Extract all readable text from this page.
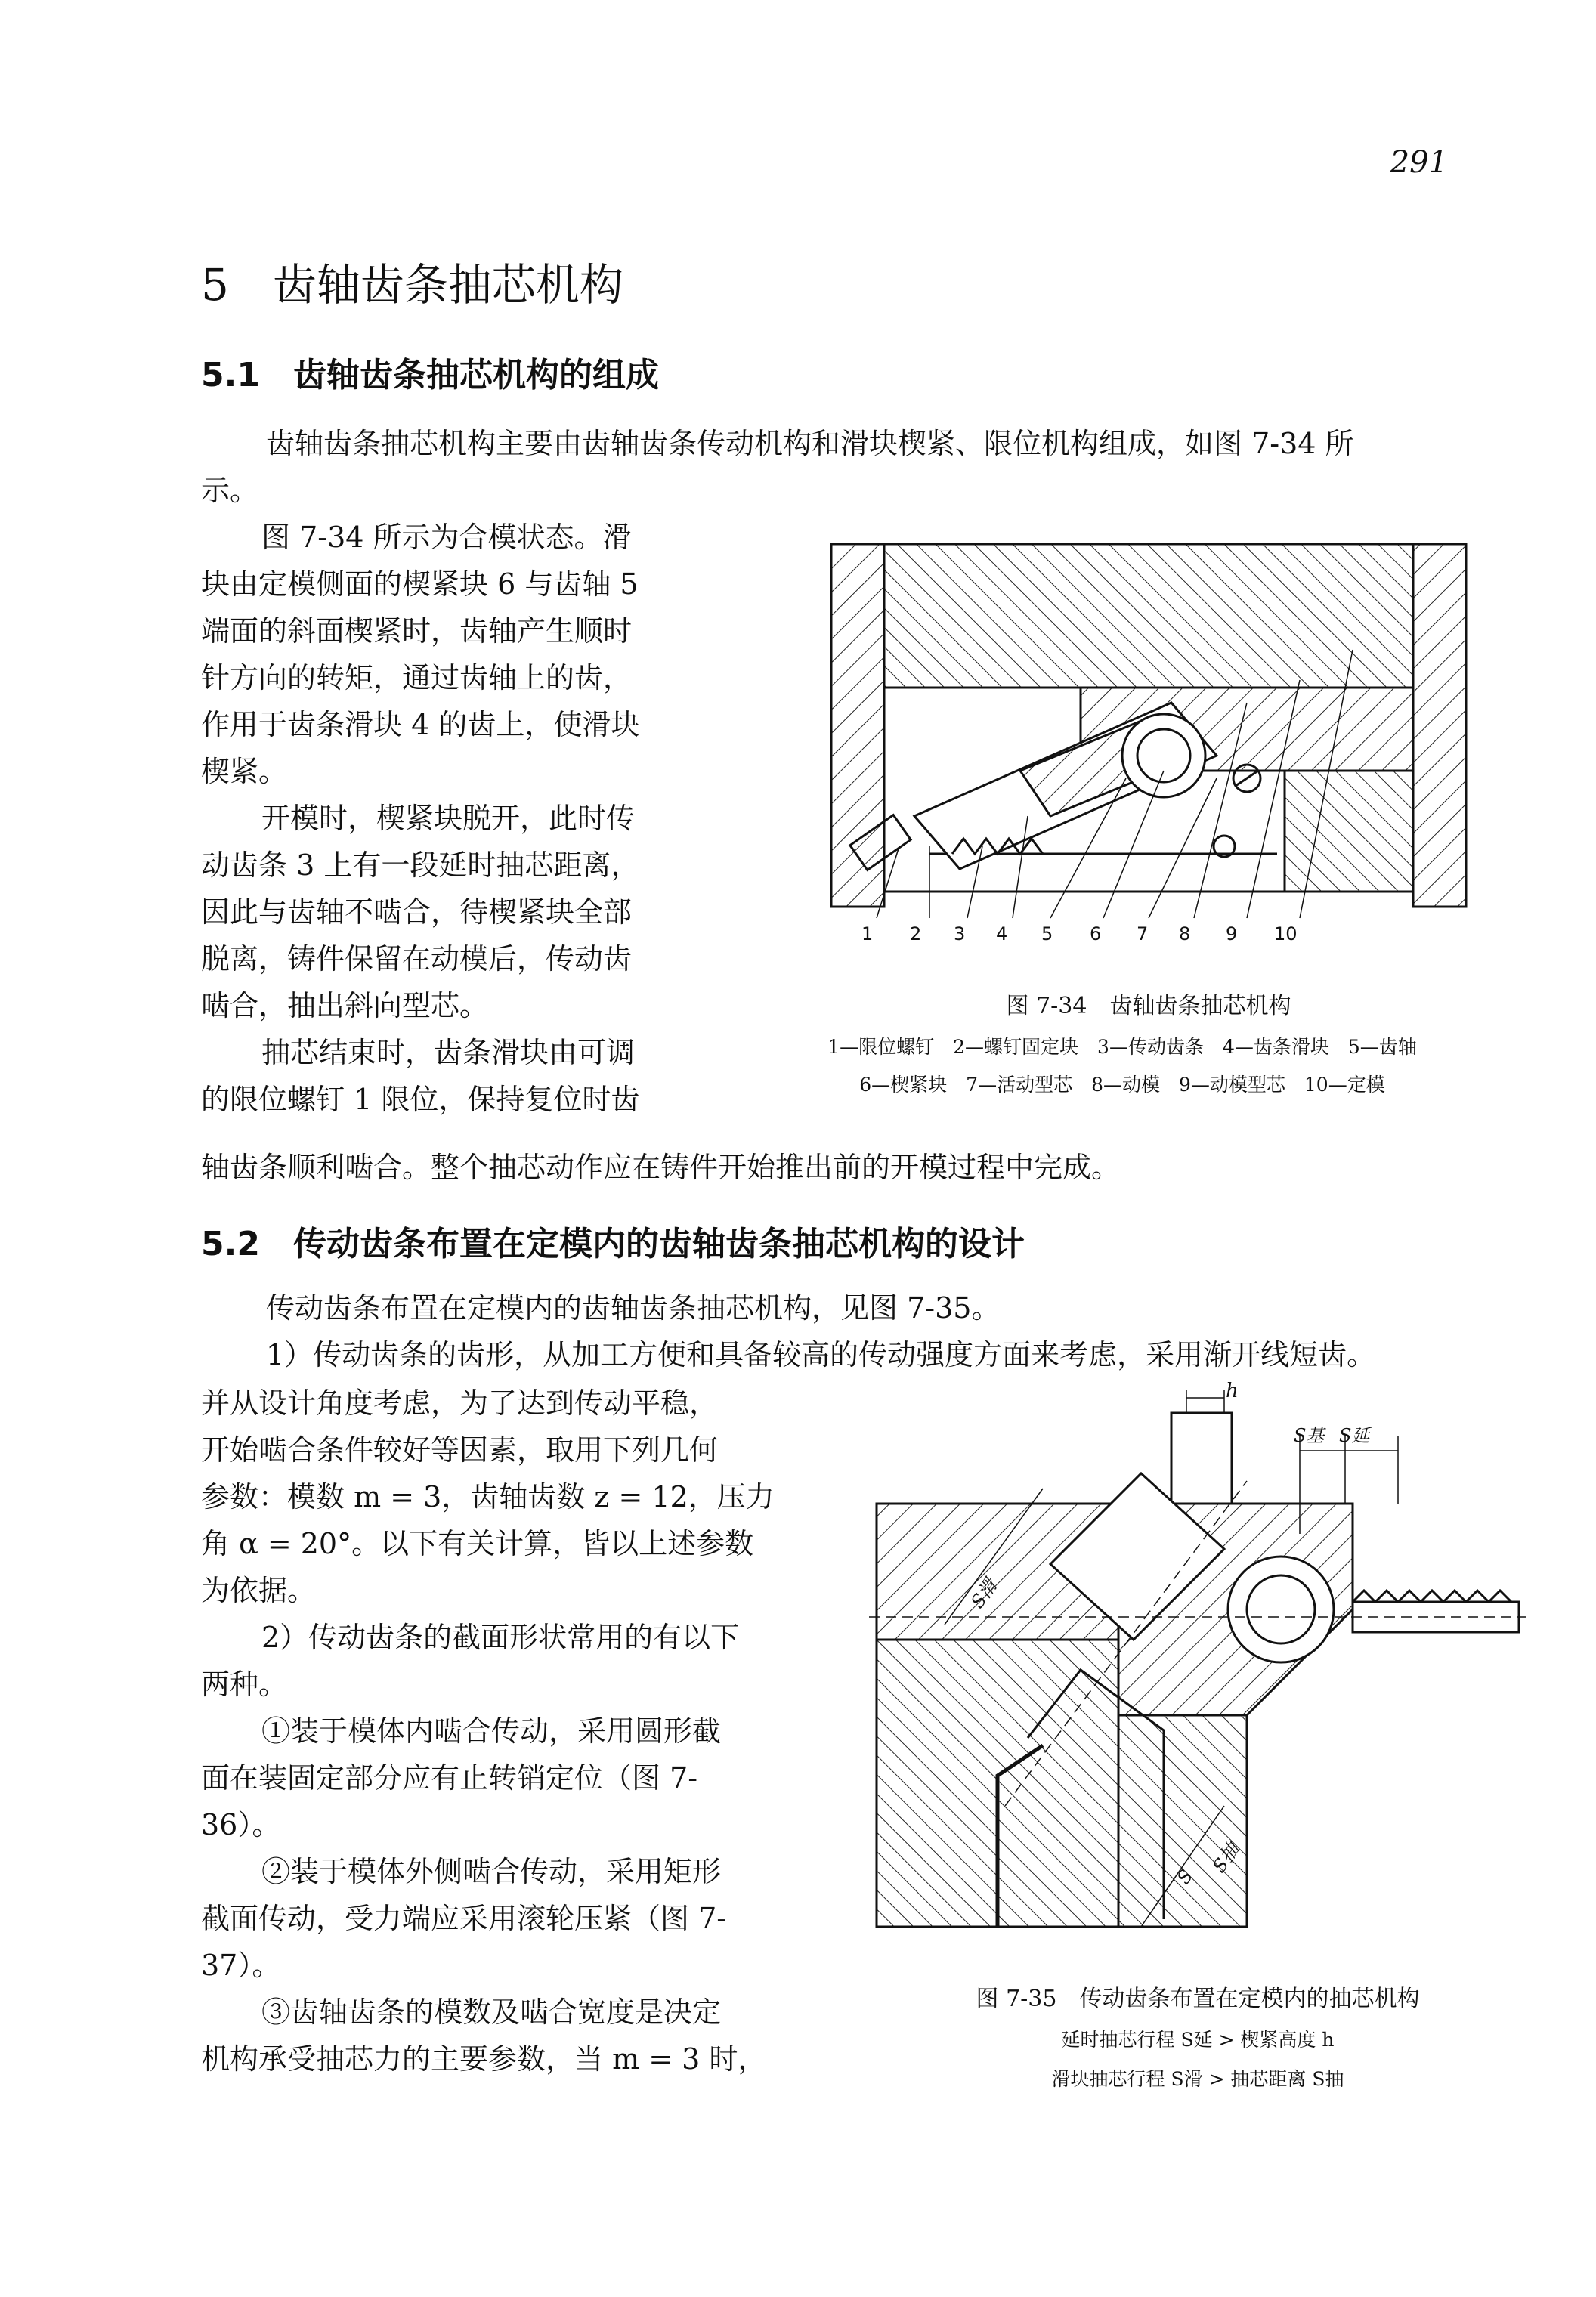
291
5　齿轴齿条抽芯机构
5.1　齿轴齿条抽芯机构的组成
齿轴齿条抽芯机构主要由齿轴齿条传动机构和滑块楔紧、限位机构组成，如图 7-34 所
示。
图 7-34 所示为合模状态。滑
块由定模侧面的楔紧块 6 与齿轴 5
端面的斜面楔紧时，齿轴产生顺时
针方向的转矩，通过齿轴上的齿，
作用于齿条滑块 4 的齿上，使滑块
楔紧。
开模时，楔紧块脱开，此时传
动齿条 3 上有一段延时抽芯距离，
因此与齿轴不啮合，待楔紧块全部
脱离，铸件保留在动模后，传动齿
啮合，抽出斜向型芯。
抽芯结束时，齿条滑块由可调
的限位螺钉 1 限位，保持复位时齿
轴齿条顺利啮合。整个抽芯动作应在铸件开始推出前的开模过程中完成。
1 2 3 4 5 6 7 8 9 10
图 7-34　齿轴齿条抽芯机构
1—限位螺钉　2—螺钉固定块　3—传动齿条　4—齿条滑块　5—齿轴
6—楔紧块　7—活动型芯　8—动模　9—动模型芯　10—定模
5.2　传动齿条布置在定模内的齿轴齿条抽芯机构的设计
传动齿条布置在定模内的齿轴齿条抽芯机构，见图 7-35。
1）传动齿条的齿形，从加工方便和具备较高的传动强度方面来考虑，采用渐开线短齿。
并从设计角度考虑，为了达到传动平稳，
开始啮合条件较好等因素，取用下列几何
参数：模数 m = 3，齿轴齿数 z = 12，压力
角 α = 20°。以下有关计算，皆以上述参数
为依据。
2）传动齿条的截面形状常用的有以下
两种。
①装于模体内啮合传动，采用圆形截
面在装固定部分应有止转销定位（图 7-
36）。
②装于模体外侧啮合传动，采用矩形
截面传动，受力端应采用滚轮压紧（图 7-
37）。
③齿轴齿条的模数及啮合宽度是决定
机构承受抽芯力的主要参数，当 m = 3 时，
h
S基 S延
S滑
S抽
S
图 7-35　传动齿条布置在定模内的抽芯机构
延时抽芯行程 S延 > 楔紧高度 h
滑块抽芯行程 S滑 > 抽芯距离 S抽
